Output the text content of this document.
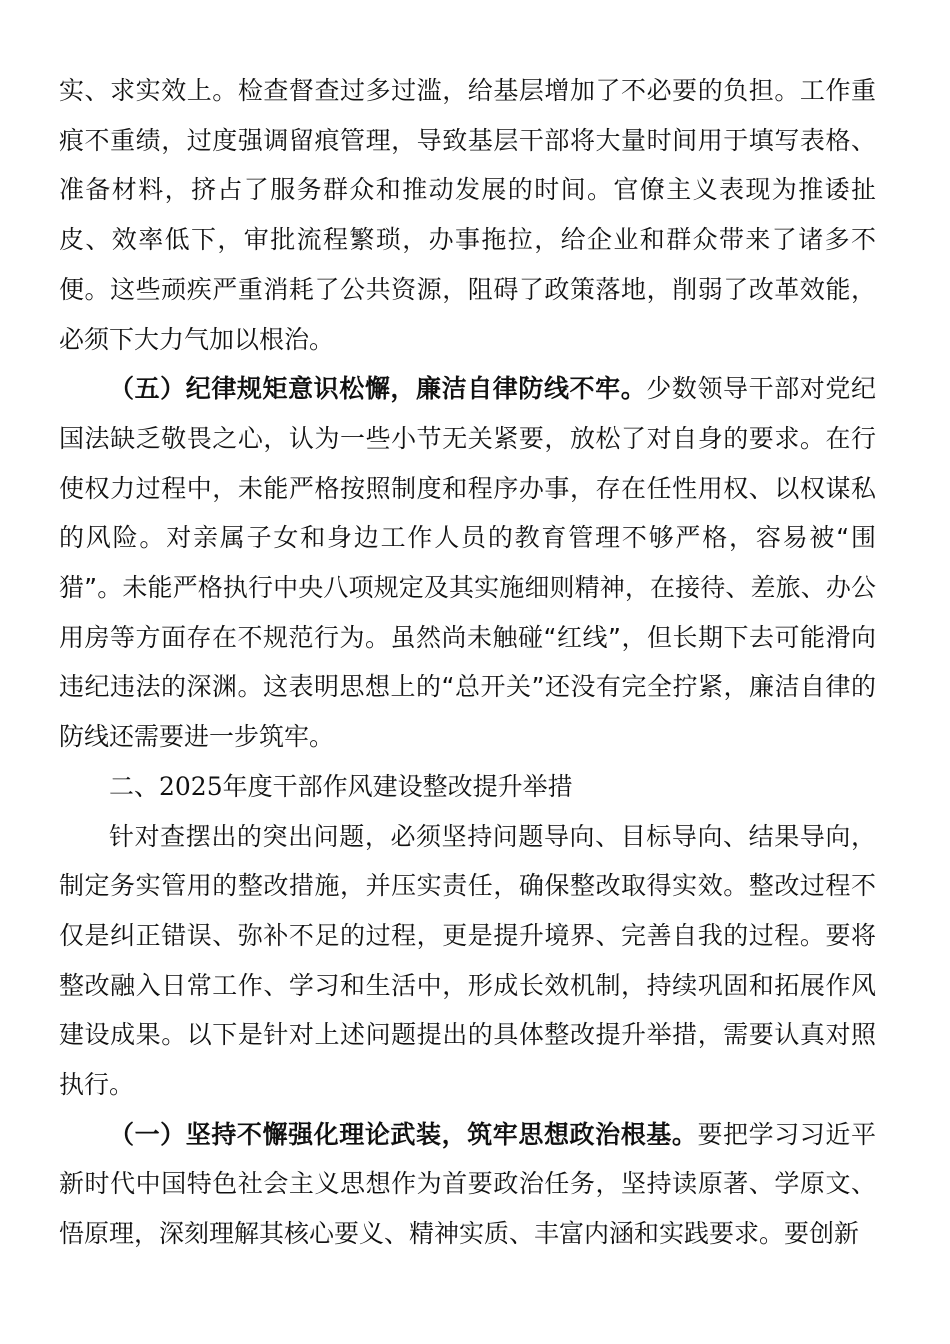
实、求实效上。检查督查过多过滥，给基层增加了不必要的负担。工作重痕不重绩，过度强调留痕管理，导致基层干部将大量时间用于填写表格、准备材料，挤占了服务群众和推动发展的时间。官僚主义表现为推诿扯皮、效率低下，审批流程繁琐，办事拖拉，给企业和群众带来了诸多不便。这些顽疾严重消耗了公共资源，阻碍了政策落地，削弱了改革效能，必须下大力气加以根治。

（五）纪律规矩意识松懈，廉洁自律防线不牢。少数领导干部对党纪国法缺乏敬畏之心，认为一些小节无关紧要，放松了对自身的要求。在行使权力过程中，未能严格按照制度和程序办事，存在任性用权、以权谋私的风险。对亲属子女和身边工作人员的教育管理不够严格，容易被“围猎”。未能严格执行中央八项规定及其实施细则精神，在接待、差旅、办公用房等方面存在不规范行为。虽然尚未触碰“红线”，但长期下去可能滑向违纪违法的深渊。这表明思想上的“总开关”还没有完全拧紧，廉洁自律的防线还需要进一步筑牢。

二、2025年度干部作风建设整改提升举措

针对查摆出的突出问题，必须坚持问题导向、目标导向、结果导向，制定务实管用的整改措施，并压实责任，确保整改取得实效。整改过程不仅是纠正错误、弥补不足的过程，更是提升境界、完善自我的过程。要将整改融入日常工作、学习和生活中，形成长效机制，持续巩固和拓展作风建设成果。以下是针对上述问题提出的具体整改提升举措，需要认真对照执行。

（一）坚持不懈强化理论武装，筑牢思想政治根基。要把学习习近平新时代中国特色社会主义思想作为首要政治任务，坚持读原著、学原文、悟原理，深刻理解其核心要义、精神实质、丰富内涵和实践要求。要创新
